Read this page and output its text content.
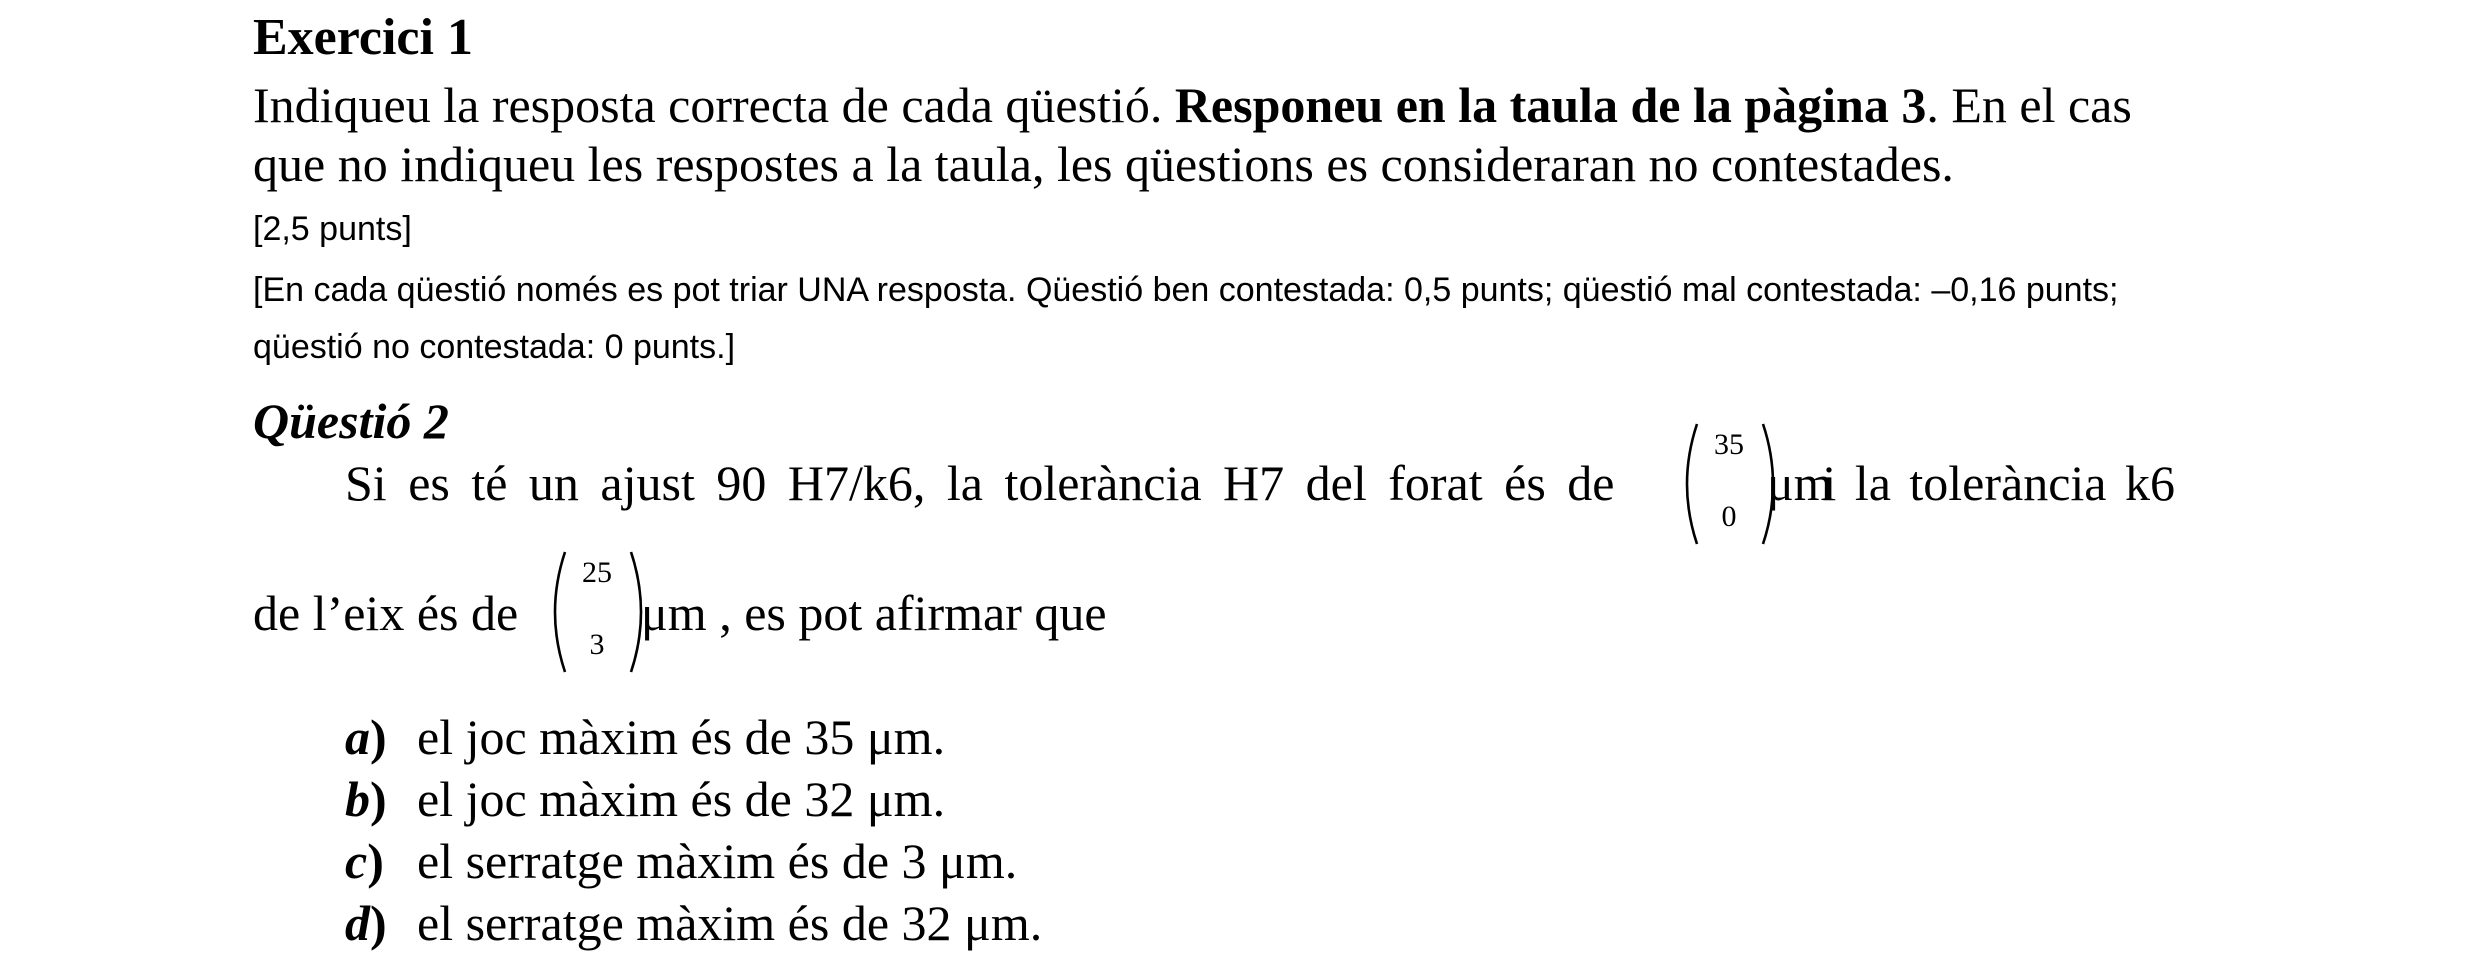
Exercici 1
Indiqueu la resposta correcta de cada qüestió. Responeu en la taula de la pàgina 3. En el cas
que no indiqueu les respostes a la taula, les qüestions es consideraran no contestades.
[2,5 punts]
[En cada qüestió només es pot triar UNA resposta. Qüestió ben contestada: 0,5 punts; qüestió mal contestada: –0,16 punts;
qüestió no contestada: 0 punts.]
Qüestió 2
Si es té un ajust 90 H7/k6, la tolerància H7 del forat és de	μm
i la tolerància k6
35
0
de l’eix és de
25
3
μm , es pot afirmar que
a) el joc màxim és de 35 μm.
b) el joc màxim és de 32 μm.
c) el serratge màxim és de 3 μm.
d) el serratge màxim és de 32 μm.
